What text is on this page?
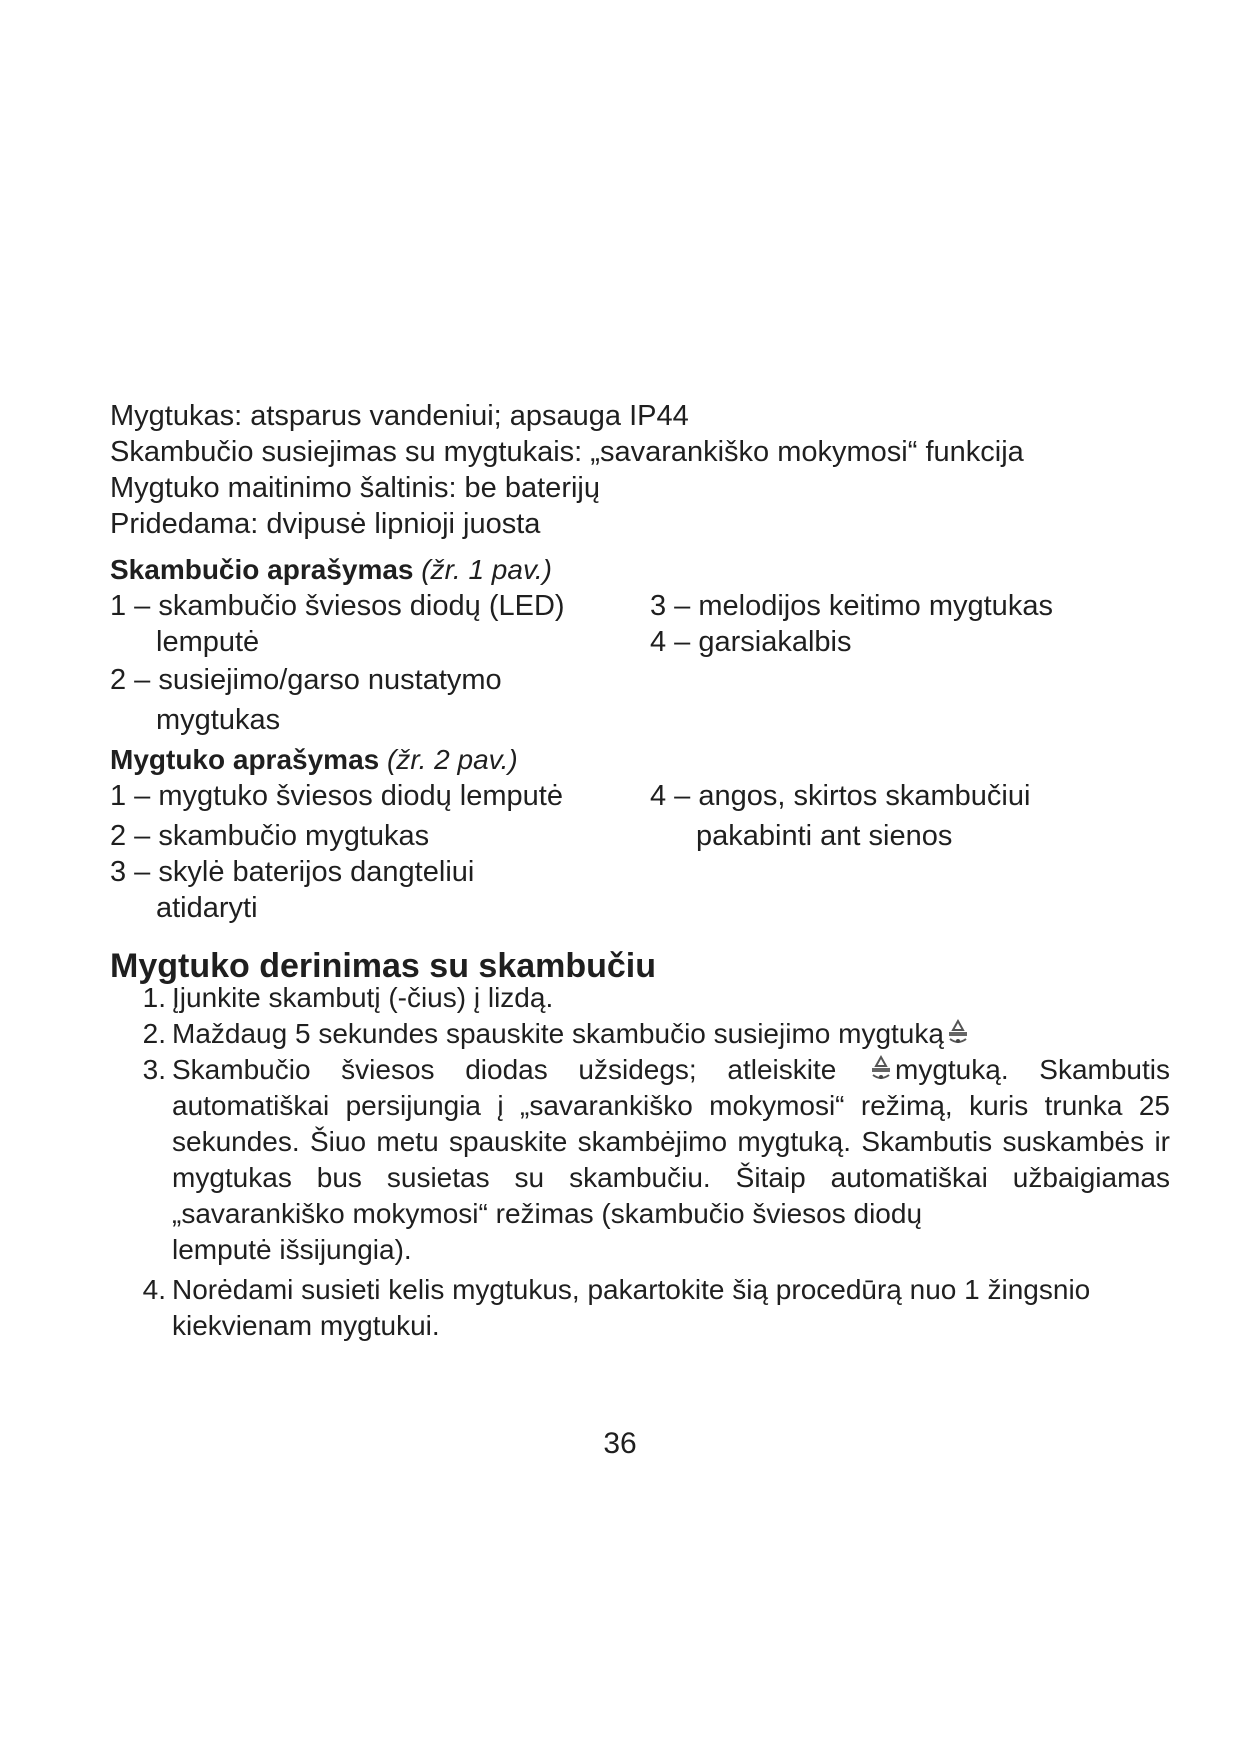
Mygtukas: atsparus vandeniui; apsauga IP44
Skambučio susiejimas su mygtukais: „savarankiško mokymosi“ funkcija
Mygtuko maitinimo šaltinis: be baterijų
Pridedama: dvipusė lipnioji juosta
Skambučio aprašymas (žr. 1 pav.)
1 – skambučio šviesos diodų (LED)
lemputė
2 – susiejimo/garso nustatymo
mygtukas
3 – melodijos keitimo mygtukas
4 – garsiakalbis
Mygtuko aprašymas (žr. 2 pav.)
1 – mygtuko šviesos diodų lemputė
2 – skambučio mygtukas
3 – skylė baterijos dangteliui
atidaryti
4 – angos, skirtos skambučiui
pakabinti ant sienos
Mygtuko derinimas su skambučiu
1. Įjunkite skambutį (-čius) į lizdą.
2. Maždaug 5 sekundes spauskite skambučio susiejimo mygtuką
3. Skambučio šviesos diodas užsidegs; atleiskite mygtuką. Skambutis automatiškai persijungia į „savarankiško mokymosi“ režimą, kuris trunka 25 sekundes. Šiuo metu spauskite skambėjimo mygtuką. Skambutis suskambės ir mygtukas bus susietas su skambučiu. Šitaip automatiškai užbaigiamas „savarankiško mokymosi“ režimas (skambučio šviesos diodų
lemputė išsijungia).
4. Norėdami susieti kelis mygtukus, pakartokite šią procedūrą nuo 1 žingsnio kiekvienam mygtukui.
36
